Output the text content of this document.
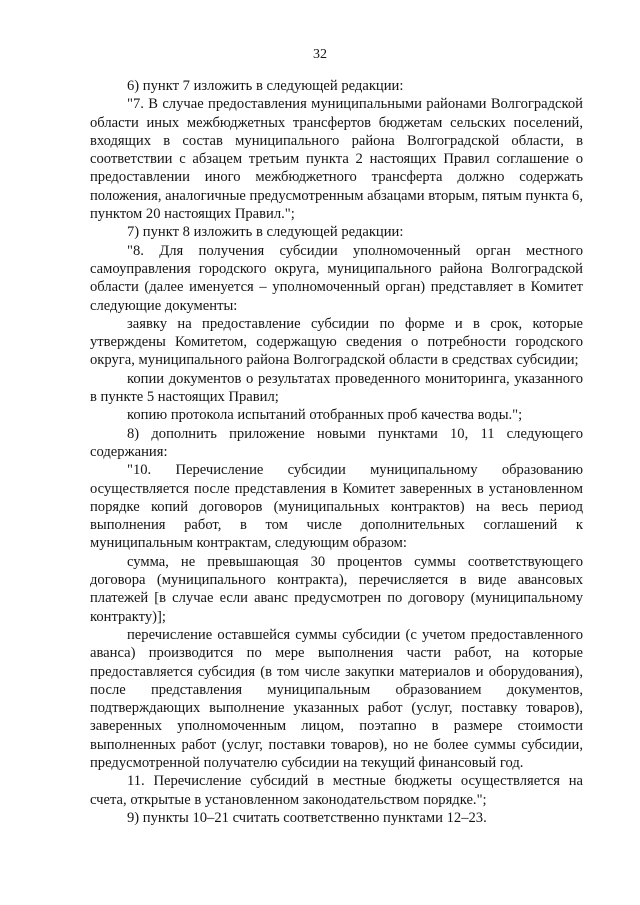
32

6) пункт 7 изложить в следующей редакции:

"7. В случае предоставления муниципальными районами Волгоградской области иных межбюджетных трансфертов бюджетам сельских поселений, входящих в состав муниципального района Волгоградской области, в соответствии с абзацем третьим пункта 2 настоящих Правил соглашение о предоставлении иного межбюджетного трансферта должно содержать положения, аналогичные предусмотренным абзацами вторым, пятым пункта 6, пунктом 20 настоящих Правил.";

7) пункт 8 изложить в следующей редакции:

"8. Для получения субсидии уполномоченный орган местного самоуправления городского округа, муниципального района Волгоградской области (далее именуется – уполномоченный орган) представляет в Комитет следующие документы:

заявку на предоставление субсидии по форме и в срок, которые утверждены Комитетом, содержащую сведения о потребности городского округа, муниципального района Волгоградской области в средствах субсидии;

копии документов о результатах проведенного мониторинга, указанного в пункте 5 настоящих Правил;

копию протокола испытаний отобранных проб качества воды.";

8) дополнить приложение новыми пунктами 10, 11 следующего содержания:

"10. Перечисление субсидии муниципальному образованию осуществляется после представления в Комитет заверенных в установленном порядке копий договоров (муниципальных контрактов) на весь период выполнения работ, в том числе дополнительных соглашений к муниципальным контрактам, следующим образом:

сумма, не превышающая 30 процентов суммы соответствующего договора (муниципального контракта), перечисляется в виде авансовых платежей [в случае если аванс предусмотрен по договору (муниципальному контракту)];

перечисление оставшейся суммы субсидии (с учетом предоставленного аванса) производится по мере выполнения части работ, на которые предоставляется субсидия (в том числе закупки материалов и оборудования), после представления муниципальным образованием документов, подтверждающих выполнение указанных работ (услуг, поставку товаров), заверенных уполномоченным лицом, поэтапно в размере стоимости выполненных работ (услуг, поставки товаров), но не более суммы субсидии, предусмотренной получателю субсидии на текущий финансовый год.

11. Перечисление субсидий в местные бюджеты осуществляется на счета, открытые в установленном законодательством порядке.";

9) пункты 10–21 считать соответственно пунктами 12–23.
